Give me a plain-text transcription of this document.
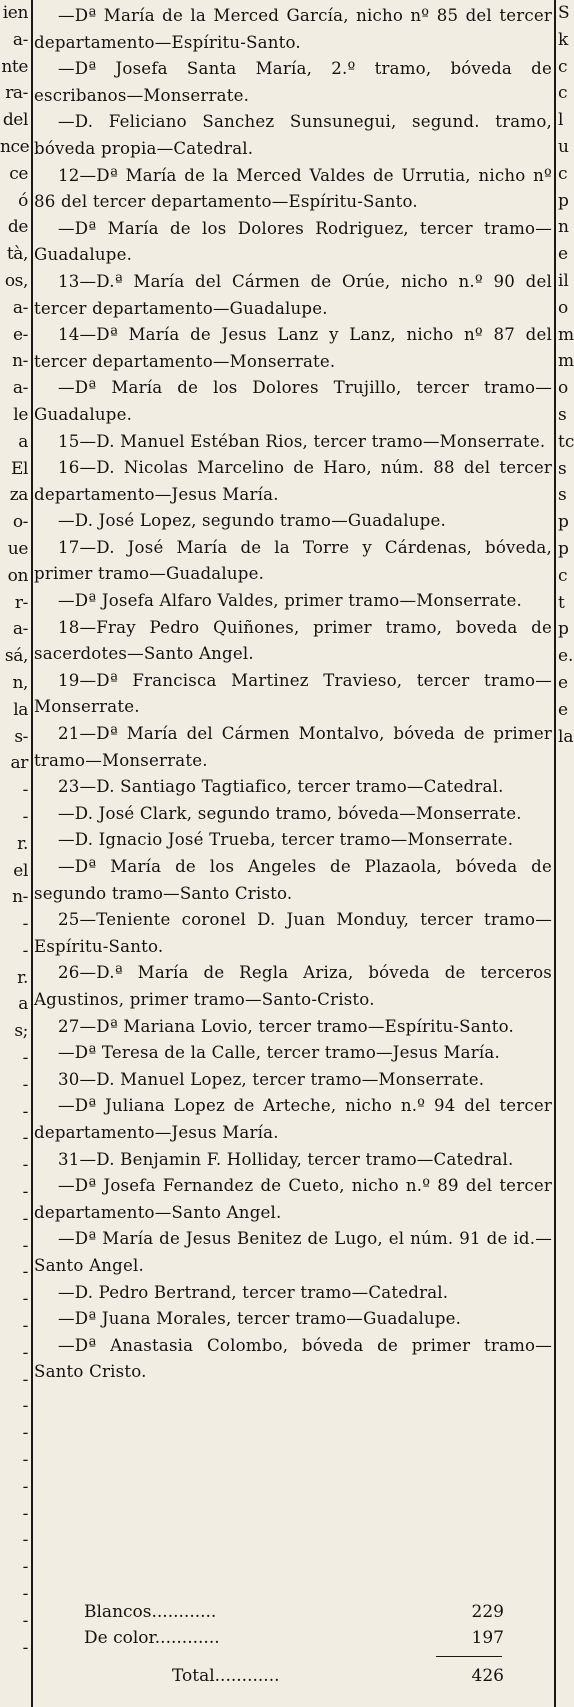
ien
a-
nte
ra-
del
nce
ce
ó
de
tà,
os,
a-
e-
n-
a-
le
a
El
za
o-
ue
on
r-
a-
sá,
n,
la
s-
ar
-
-
r.
el
n-
-
-
r.
a
s;
-
-
-
-
-
-
-
-
-
-
-
-
-
-
-
-
-
-
-
-
-
-
-

—Dª María de la Merced García, nicho nº 85 del tercer departamento—Espíritu-Santo.

—Dª Josefa Santa María, 2.º tramo, bóveda de escribanos—Monserrate.

—D. Feliciano Sanchez Sunsunegui, segund. tramo, bóveda propia—Catedral.

12—Dª María de la Merced Valdes de Urrutia, nicho nº 86 del tercer departamento—Espíritu-Santo.

—Dª María de los Dolores Rodriguez, tercer tramo—Guadalupe.

13—D.ª María del Cármen de Orúe, nicho n.º 90 del tercer departamento—Guadalupe.

14—Dª María de Jesus Lanz y Lanz, nicho nº 87 del tercer departamento—Monserrate.

—Dª María de los Dolores Trujillo, tercer tramo—Guadalupe.

15—D. Manuel Estéban Rios, tercer tramo—Monserrate.

16—D. Nicolas Marcelino de Haro, núm. 88 del tercer departamento—Jesus María.

—D. José Lopez, segundo tramo—Guadalupe.

17—D. José María de la Torre y Cárdenas, bóveda, primer tramo—Guadalupe.

—Dª Josefa Alfaro Valdes, primer tramo—Monserrate.

18—Fray Pedro Quiñones, primer tramo, boveda de sacerdotes—Santo Angel.

19—Dª Francisca Martinez Travieso, tercer tramo—Monserrate.

21—Dª María del Cármen Montalvo, bóveda de primer tramo—Monserrate.

23—D. Santiago Tagtiafico, tercer tramo—Catedral.

—D. José Clark, segundo tramo, bóveda—Monserrate.

—D. Ignacio José Trueba, tercer tramo—Monserrate.

—Dª María de los Angeles de Plazaola, bóveda de segundo tramo—Santo Cristo.

25—Teniente coronel D. Juan Monduy, tercer tramo—Espíritu-Santo.

26—D.ª María de Regla Ariza, bóveda de terceros Agustinos, primer tramo—Santo-Cristo.

27—Dª Mariana Lovio, tercer tramo—Espíritu-Santo.

—Dª Teresa de la Calle, tercer tramo—Jesus María.

30—D. Manuel Lopez, tercer tramo—Monserrate.

—Dª Juliana Lopez de Arteche, nicho n.º 94 del tercer departamento—Jesus María.

31—D. Benjamin F. Holliday, tercer tramo—Catedral.

—Dª Josefa Fernandez de Cueto, nicho n.º 89 del tercer departamento—Santo Angel.

—Dª María de Jesus Benitez de Lugo, el núm. 91 de id.—Santo Angel.

—D. Pedro Bertrand, tercer tramo—Catedral.

—Dª Juana Morales, tercer tramo—Guadalupe.

—Dª Anastasia Colombo, bóveda de primer tramo—Santo Cristo.

S
k
c
c
l
u
c
p
n
e
il
o
m
m
o
s
tc
s
s
p
p
c
t
p
e.
e
e
la
Blancos............	229
De color............	197
Total............	426
